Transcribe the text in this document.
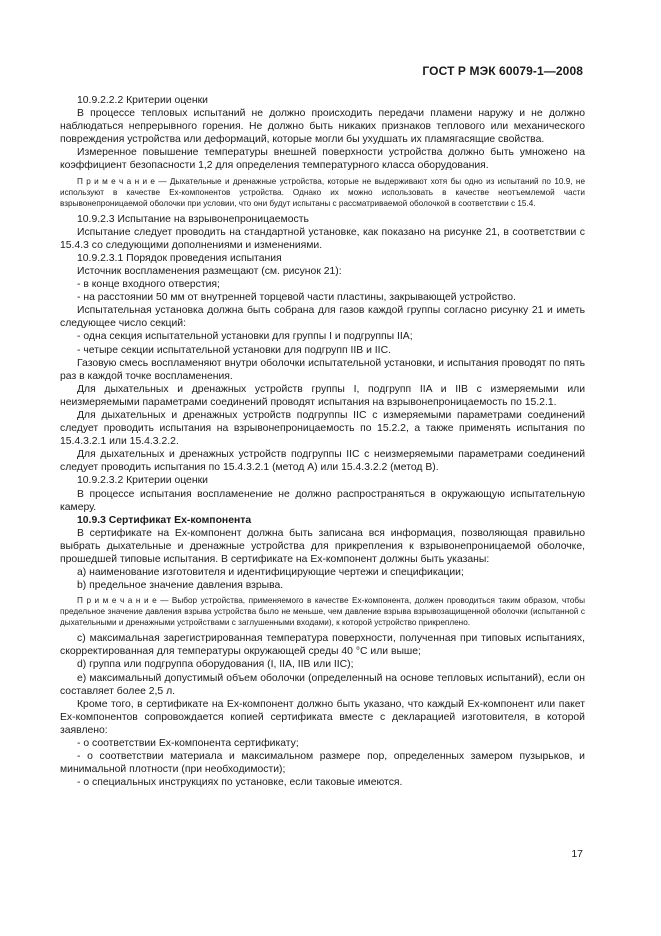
ГОСТ Р МЭК 60079-1—2008

10.9.2.2.2 Критерии оценки

В процессе тепловых испытаний не должно происходить передачи пламени наружу и не должно наблюдаться непрерывного горения. Не должно быть никаких признаков теплового или механического повреждения устройства или деформаций, которые могли бы ухудшать их пламягасящие свойства.

Измеренное повышение температуры внешней поверхности устройства должно быть умножено на коэффициент безопасности 1,2 для определения температурного класса оборудования.

П р и м е ч а н и е — Дыхательные и дренажные устройства, которые не выдерживают хотя бы одно из испытаний по 10.9, не используют в качестве Ex-компонентов устройства. Однако их можно использовать в качестве неотъемлемой части взрывонепроницаемой оболочки при условии, что они будут испытаны с рассматриваемой оболочкой в соответствии с 15.4.

10.9.2.3 Испытание на взрывонепроницаемость

Испытание следует проводить на стандартной установке, как показано на рисунке 21, в соответствии с 15.4.3 со следующими дополнениями и изменениями.

10.9.2.3.1 Порядок проведения испытания

Источник воспламенения размещают (см. рисунок 21):

- в конце входного отверстия;

- на расстоянии 50 мм от внутренней торцевой части пластины, закрывающей устройство.

Испытательная установка должна быть собрана для газов каждой группы согласно рисунку 21 и иметь следующее число секций:

- одна секция испытательной установки для группы I и подгруппы IIA;

- четыре секции испытательной установки для подгрупп IIB и IIC.

Газовую смесь воспламеняют внутри оболочки испытательной установки, и испытания проводят по пять раз в каждой точке воспламенения.

Для дыхательных и дренажных устройств группы I, подгрупп IIA и IIB с измеряемыми или неизмеряемыми параметрами соединений проводят испытания на взрывонепроницаемость по 15.2.1.

Для дыхательных и дренажных устройств подгруппы IIC с измеряемыми параметрами соединений следует проводить испытания на взрывонепроницаемость по 15.2.2, а также применять испытания по 15.4.3.2.1 или 15.4.3.2.2.

Для дыхательных и дренажных устройств подгруппы IIC с неизмеряемыми параметрами соединений следует проводить испытания по 15.4.3.2.1 (метод А) или 15.4.3.2.2 (метод В).

10.9.2.3.2 Критерии оценки

В процессе испытания воспламенение не должно распространяться в окружающую испытательную камеру.

10.9.3 Сертификат Ex-компонента

В сертификате на Ex-компонент должна быть записана вся информация, позволяющая правильно выбрать дыхательные и дренажные устройства для прикрепления к взрывонепроницаемой оболочке, прошедшей типовые испытания. В сертификате на Ex-компонент должны быть указаны:

а) наименование изготовителя и идентифицирующие чертежи и спецификации;

b) предельное значение давления взрыва.

П р и м е ч а н и е — Выбор устройства, применяемого в качестве Ex-компонента, должен проводиться таким образом, чтобы предельное значение давления взрыва устройства было не меньше, чем давление взрыва взрывозащищенной оболочки (испытанной с дыхательными и дренажными устройствами с заглушенными входами), к которой устройство прикреплено.

с) максимальная зарегистрированная температура поверхности, полученная при типовых испытаниях, скорректированная для температуры окружающей среды 40 °С или выше;

d) группа или подгруппа оборудования (I, IIA, IIB или IIC);

е) максимальный допустимый объем оболочки (определенный на основе тепловых испытаний), если он составляет более 2,5 л.

Кроме того, в сертификате на Ex-компонент должно быть указано, что каждый Ex-компонент или пакет Ex-компонентов сопровождается копией сертификата вместе с декларацией изготовителя, в которой заявлено:

- о соответствии Ex-компонента сертификату;

- о соответствии материала и максимальном размере пор, определенных замером пузырьков, и минимальной плотности (при необходимости);

- о специальных инструкциях по установке, если таковые имеются.

17
